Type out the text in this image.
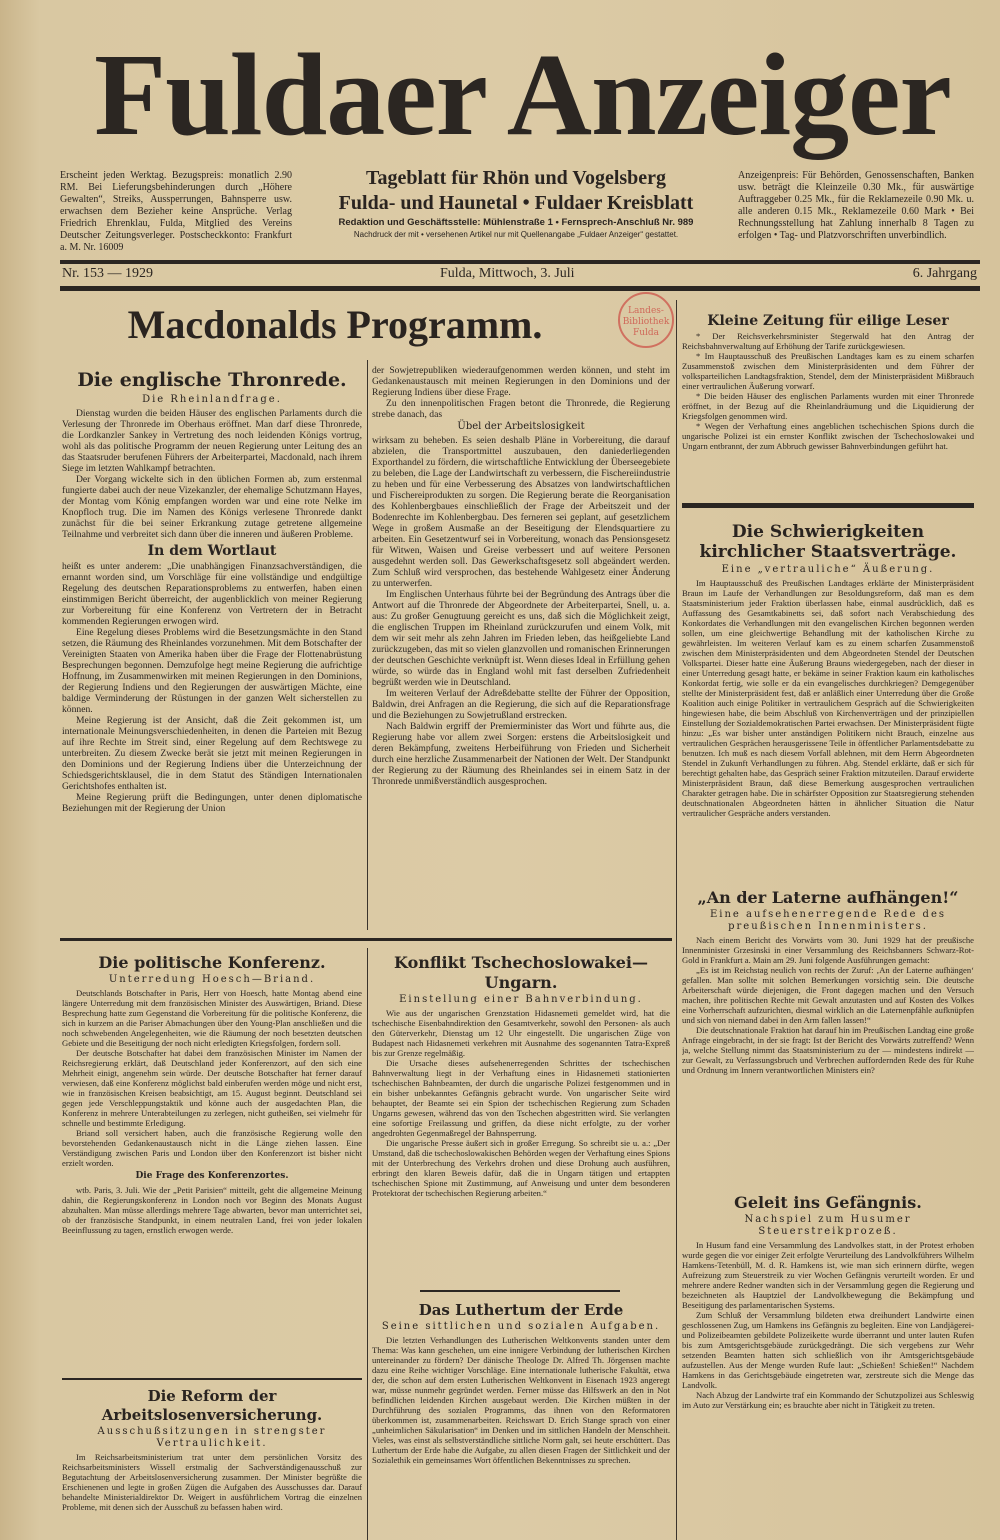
Fuldaer Anzeiger
Erscheint jeden Werktag. Bezugspreis: monatlich 2.90 RM. Bei Lieferungsbehinderungen durch „Höhere Gewalten“, Streiks, Aussperrungen, Bahnsperre usw. erwachsen dem Bezieher keine Ansprüche. Verlag Friedrich Ehrenklau, Fulda, Mitglied des Vereins Deutscher Zeitungsverleger. Postscheckkonto: Frankfurt a. M. Nr. 16009
Tageblatt für Rhön und Vogelsberg
Fulda- und Haunetal • Fuldaer Kreisblatt
Redaktion und Geschäftsstelle: Mühlenstraße 1 • Fernsprech-Anschluß Nr. 989
Nachdruck der mit • versehenen Artikel nur mit Quellenangabe „Fuldaer Anzeiger“ gestattet.
Anzeigenpreis: Für Behörden, Genossenschaften, Banken usw. beträgt die Kleinzeile 0.30 Mk., für auswärtige Auftraggeber 0.25 Mk., für die Reklamezeile 0.90 Mk. u. alle anderen 0.15 Mk., Reklamezeile 0.60 Mark • Bei Rechnungsstellung hat Zahlung innerhalb 8 Tagen zu erfolgen • Tag- und Platzvorschriften unverbindlich.
Nr. 153 — 1929	Fulda, Mittwoch, 3. Juli	6. Jahrgang
Landes-Bibliothek Fulda
Macdonalds Programm.
Die englische Thronrede.
Die Rheinlandfrage.

Dienstag wurden die beiden Häuser des englischen Parlaments durch die Verlesung der Thronrede im Oberhaus eröffnet. Man darf diese Thronrede, die Lordkanzler Sankey in Vertretung des noch leidenden Königs vortrug, wohl als das politische Programm der neuen Regierung unter Leitung des an das Staatsruder berufenen Führers der Arbeiterpartei, Macdonald, nach ihrem Siege im letzten Wahlkampf betrachten.

Der Vorgang wickelte sich in den üblichen Formen ab, zum erstenmal fungierte dabei auch der neue Vizekanzler, der ehemalige Schutzmann Hayes, der Montag vom König empfangen worden war und eine rote Nelke im Knopfloch trug. Die im Namen des Königs verlesene Thronrede dankt zunächst für die bei seiner Erkrankung zutage getretene allgemeine Teilnahme und verbreitet sich dann über die inneren und äußeren Probleme.

In dem Wortlaut

heißt es unter anderem: „Die unabhängigen Finanzsachverständigen, die ernannt worden sind, um Vorschläge für eine vollständige und endgültige Regelung des deutschen Reparationsproblems zu entwerfen, haben einen einstimmigen Bericht überreicht, der augenblicklich von meiner Regierung zur Vorbereitung für eine Konferenz von Vertretern der in Betracht kommenden Regierungen erwogen wird.

Eine Regelung dieses Problems wird die Besetzungsmächte in den Stand setzen, die Räumung des Rheinlandes vorzunehmen. Mit dem Botschafter der Vereinigten Staaten von Amerika haben über die Frage der Flottenabrüstung Besprechungen begonnen. Demzufolge hegt meine Regierung die aufrichtige Hoffnung, im Zusammenwirken mit meinen Regierungen in den Dominions, der Regierung Indiens und den Regierungen der auswärtigen Mächte, eine baldige Verminderung der Rüstungen in der ganzen Welt sicherstellen zu können.

Meine Regierung ist der Ansicht, daß die Zeit gekommen ist, um internationale Meinungsverschiedenheiten, in denen die Parteien mit Bezug auf ihre Rechte im Streit sind, einer Regelung auf dem Rechtswege zu unterbreiten. Zu diesem Zwecke berät sie jetzt mit meinen Regierungen in den Dominions und der Regierung Indiens über die Unterzeichnung der Schiedsgerichtsklausel, die in dem Statut des Ständigen Internationalen Gerichtshofes enthalten ist.

Meine Regierung prüft die Bedingungen, unter denen diplomatische Beziehungen mit der Regierung der Union

der Sowjetrepubliken wiederaufgenommen werden können, und steht im Gedankenaustausch mit meinen Regierungen in den Dominions und der Regierung Indiens über diese Frage.

Zu den innenpolitischen Fragen betont die Thronrede, die Regierung strebe danach, das

Übel der Arbeitslosigkeit

wirksam zu beheben. Es seien deshalb Pläne in Vorbereitung, die darauf abzielen, die Transportmittel auszubauen, den daniederliegenden Exporthandel zu fördern, die wirtschaftliche Entwicklung der Überseegebiete zu beleben, die Lage der Landwirtschaft zu verbessern, die Fischereiindustrie zu heben und für eine Verbesserung des Absatzes von landwirtschaftlichen und Fischereiprodukten zu sorgen. Die Regierung berate die Reorganisation des Kohlenbergbaues einschließlich der Frage der Arbeitszeit und der Bodenrechte im Kohlenbergbau. Des ferneren sei geplant, auf gesetzlichem Wege in großem Ausmaße an der Beseitigung der Elendsquartiere zu arbeiten. Ein Gesetzentwurf sei in Vorbereitung, wonach das Pensionsgesetz für Witwen, Waisen und Greise verbessert und auf weitere Personen ausgedehnt werden soll. Das Gewerkschaftsgesetz soll abgeändert werden. Zum Schluß wird versprochen, das bestehende Wahlgesetz einer Änderung zu unterwerfen.

Im Englischen Unterhaus führte bei der Begründung des Antrags über die Antwort auf die Thronrede der Abgeordnete der Arbeiterpartei, Snell, u. a. aus: Zu großer Genugtuung gereicht es uns, daß sich die Möglichkeit zeigt, die englischen Truppen im Rheinland zurückzurufen und einem Volk, mit dem wir seit mehr als zehn Jahren im Frieden leben, das heißgeliebte Land zurückzugeben, das mit so vielen glanzvollen und romanischen Erinnerungen der deutschen Geschichte verknüpft ist. Wenn dieses Ideal in Erfüllung gehen würde, so würde das in England wohl mit fast derselben Zufriedenheit begrüßt werden wie in Deutschland.

Im weiteren Verlauf der Adreßdebatte stellte der Führer der Opposition, Baldwin, drei Anfragen an die Regierung, die sich auf die Reparationsfrage und die Beziehungen zu Sowjetrußland erstrecken.

Nach Baldwin ergriff der Premierminister das Wort und führte aus, die Regierung habe vor allem zwei Sorgen: erstens die Arbeitslosigkeit und deren Bekämpfung, zweitens Herbeiführung von Frieden und Sicherheit durch eine herzliche Zusammenarbeit der Nationen der Welt. Der Standpunkt der Regierung zu der Räumung des Rheinlandes sei in einem Satz in der Thronrede unmißverständlich ausgesprochen.

Kleine Zeitung für eilige Leser

* Der Reichsverkehrsminister Stegerwald hat den Antrag der Reichsbahnverwaltung auf Erhöhung der Tarife zurückgewiesen.

* Im Hauptausschuß des Preußischen Landtages kam es zu einem scharfen Zusammenstoß zwischen dem Ministerpräsidenten und dem Führer der volksparteilichen Landtagsfraktion, Stendel, dem der Ministerpräsident Mißbrauch einer vertraulichen Äußerung vorwarf.

* Die beiden Häuser des englischen Parlaments wurden mit einer Thronrede eröffnet, in der Bezug auf die Rheinlandräumung und die Liquidierung der Kriegsfolgen genommen wird.

* Wegen der Verhaftung eines angeblichen tschechischen Spions durch die ungarische Polizei ist ein ernster Konflikt zwischen der Tschechoslowakei und Ungarn entbrannt, der zum Abbruch gewisser Bahnverbindungen geführt hat.

Die Schwierigkeiten kirchlicher Staatsverträge.
Eine „vertrauliche“ Äußerung.

Im Hauptausschuß des Preußischen Landtages erklärte der Ministerpräsident Braun im Laufe der Verhandlungen zur Besoldungsreform, daß man es dem Staatsministerium jeder Fraktion überlassen habe, einmal ausdrücklich, daß es Auffassung des Gesamtkabinetts sei, daß sofort nach Verabschiedung des Konkordates die Verhandlungen mit den evangelischen Kirchen begonnen werden sollen, um eine gleichwertige Behandlung mit der katholischen Kirche zu gewährleisten. Im weiteren Verlauf kam es zu einem scharfen Zusammenstoß zwischen dem Ministerpräsidenten und dem Abgeordneten Stendel der Deutschen Volkspartei. Dieser hatte eine Äußerung Brauns wiedergegeben, nach der dieser in einer Unterredung gesagt hatte, er bekäme in seiner Fraktion kaum ein katholisches Konkordat fertig, wie solle er da ein evangelisches durchkriegen? Demgegenüber stellte der Ministerpräsident fest, daß er anläßlich einer Unterredung über die Große Koalition auch einige Politiker in vertraulichem Gespräch auf die Schwierigkeiten hingewiesen habe, die beim Abschluß von Kirchenverträgen und der prinzipiellen Einstellung der Sozialdemokratischen Partei erwachsen. Der Ministerpräsident fügte hinzu: „Es war bisher unter anständigen Politikern nicht Brauch, einzelne aus vertraulichen Gesprächen herausgerissene Teile in öffentlicher Parlamentsdebatte zu benutzen. Ich muß es nach diesem Vorfall ablehnen, mit dem Herrn Abgeordneten Stendel in Zukunft Verhandlungen zu führen. Abg. Stendel erklärte, daß er sich für berechtigt gehalten habe, das Gespräch seiner Fraktion mitzuteilen. Darauf erwiderte Ministerpräsident Braun, daß diese Bemerkung ausgesprochen vertraulichen Charakter getragen habe. Die in schärfster Opposition zur Staatsregierung stehenden deutschnationalen Abgeordneten hätten in ähnlicher Situation die Natur vertraulicher Gespräche anders verstanden.

„An der Laterne aufhängen!“
Eine aufsehenerregende Rede des preußischen Innenministers.

Nach einem Bericht des Vorwärts vom 30. Juni 1929 hat der preußische Innenminister Grzesinski in einer Versammlung des Reichsbanners Schwarz-Rot-Gold in Frankfurt a. Main am 29. Juni folgende Ausführungen gemacht:

„Es ist im Reichstag neulich von rechts der Zuruf: ‚An der Laterne aufhängen‘ gefallen. Man sollte mit solchen Bemerkungen vorsichtig sein. Die deutsche Arbeiterschaft würde diejenigen, die Front dagegen machen und den Versuch machen, ihre politischen Rechte mit Gewalt anzutasten und auf Kosten des Volkes eine Vorherrschaft aufzurichten, diesmal wirklich an die Laternenpfähle aufknüpfen und sich von niemand dabei in den Arm fallen lassen!“

Die deutschnationale Fraktion hat darauf hin im Preußischen Landtag eine große Anfrage eingebracht, in der sie fragt: Ist der Bericht des Vorwärts zutreffend? Wenn ja, welche Stellung nimmt das Staatsministerium zu der — mindestens indirekt — zur Gewalt, zu Verfassungsbruch und Verbrechen auffordernden Rede des für Ruhe und Ordnung im Innern verantwortlichen Ministers ein?

Geleit ins Gefängnis.
Nachspiel zum Husumer Steuerstreikprozeß.

In Husum fand eine Versammlung des Landvolkes statt, in der Protest erhoben wurde gegen die vor einiger Zeit erfolgte Verurteilung des Landvolkführers Wilhelm Hamkens-Tetenbüll, M. d. R. Hamkens ist, wie man sich erinnern dürfte, wegen Aufreizung zum Steuerstreik zu vier Wochen Gefängnis verurteilt worden. Er und mehrere andere Redner wandten sich in der Versammlung gegen die Regierung und bezeichneten als Hauptziel der Landvolkbewegung die Bekämpfung und Beseitigung des parlamentarischen Systems.

Zum Schluß der Versammlung bildeten etwa dreihundert Landwirte einen geschlossenen Zug, um Hamkens ins Gefängnis zu begleiten. Eine von Landjägerei- und Polizeibeamten gebildete Polizeikette wurde überrannt und unter lauten Rufen bis zum Amtsgerichtsgebäude zurückgedrängt. Die sich vergebens zur Wehr setzenden Beamten hatten sich schließlich von ihr Amtsgerichtsgebäude aufzustellen. Aus der Menge wurden Rufe laut: „Schießen! Schießen!“ Nachdem Hamkens in das Gerichtsgebäude eingetreten war, zerstreute sich die Menge das Landvolk.

Nach Abzug der Landwirte traf ein Kommando der Schutzpolizei aus Schleswig im Auto zur Verstärkung ein; es brauchte aber nicht in Tätigkeit zu treten.

Die politische Konferenz.
Unterredung Hoesch—Briand.

Deutschlands Botschafter in Paris, Herr von Hoesch, hatte Montag abend eine längere Unterredung mit dem französischen Minister des Auswärtigen, Briand. Diese Besprechung hatte zum Gegenstand die Vorbereitung für die politische Konferenz, die sich in kurzem an die Pariser Abmachungen über den Young-Plan anschließen und die noch schwebenden Angelegenheiten, wie die Räumung der noch besetzten deutschen Gebiete und die Beseitigung der noch nicht erledigten Kriegsfolgen, fordern soll.

Der deutsche Botschafter hat dabei dem französischen Minister im Namen der Reichsregierung erklärt, daß Deutschland jeder Konferenzort, auf den sich eine Mehrheit einigt, angenehm sein würde. Der deutsche Botschafter hat ferner darauf verwiesen, daß eine Konferenz möglichst bald einberufen werden möge und nicht erst, wie in französischen Kreisen beabsichtigt, am 15. August beginnt. Deutschland sei gegen jede Verschleppungstaktik und könne auch der ausgedachten Plan, die Konferenz in mehrere Unterabteilungen zu zerlegen, nicht gutheißen, sei vielmehr für schnelle und bestimmte Erledigung.

Briand soll versichert haben, auch die französische Regierung wolle den bevorstehenden Gedankenaustausch nicht in die Länge ziehen lassen. Eine Verständigung zwischen Paris und London über den Konferenzort ist bisher nicht erzielt worden.

Die Frage des Konferenzortes.

wtb. Paris, 3. Juli. Wie der „Petit Parisien“ mitteilt, geht die allgemeine Meinung dahin, die Regierungskonferenz in London noch vor Beginn des Monats August abzuhalten. Man müsse allerdings mehrere Tage abwarten, bevor man unterrichtet sei, ob der französische Standpunkt, in einem neutralen Land, frei von jeder lokalen Beeinflussung zu tagen, ernstlich erwogen werde.

Die Reform der Arbeitslosenversicherung.
Ausschußsitzungen in strengster Vertraulichkeit.

Im Reichsarbeitsministerium trat unter dem persönlichen Vorsitz des Reichsarbeitsministers Wissell erstmalig der Sachverständigenausschuß zur Begutachtung der Arbeitslosenversicherung zusammen. Der Minister begrüßte die Erschienenen und legte in großen Zügen die Aufgaben des Ausschusses dar. Darauf behandelte Ministerialdirektor Dr. Weigert in ausführlichem Vortrag die einzelnen Probleme, mit denen sich der Ausschuß zu befassen haben wird.

Konflikt Tschechoslowakei—Ungarn.
Einstellung einer Bahnverbindung.

Wie aus der ungarischen Grenzstation Hidasnemeti gemeldet wird, hat die tschechische Eisenbahndirektion den Gesamtverkehr, sowohl den Personen- als auch den Güterverkehr, Dienstag um 12 Uhr eingestellt. Die ungarischen Züge von Budapest nach Hidasnemeti verkehren mit Ausnahme des sogenannten Tatra-Expreß bis zur Grenze regelmäßig.

Die Ursache dieses aufsehenerregenden Schrittes der tschechischen Bahnverwaltung liegt in der Verhaftung eines in Hidasnemeti stationierten tschechischen Bahnbeamten, der durch die ungarische Polizei festgenommen und in ein bisher unbekanntes Gefängnis gebracht wurde. Von ungarischer Seite wird behauptet, der Beamte sei ein Spion der tschechischen Regierung zum Schaden Ungarns gewesen, während das von den Tschechen abgestritten wird. Sie verlangten eine sofortige Freilassung und griffen, da diese nicht erfolgte, zu der vorher angedrohten Gegenmaßregel der Bahnsperrung.

Die ungarische Presse äußert sich in großer Erregung. So schreibt sie u. a.: „Der Umstand, daß die tschechoslowakischen Behörden wegen der Verhaftung eines Spions mit der Unterbrechung des Verkehrs drohen und diese Drohung auch ausführen, erbringt den klaren Beweis dafür, daß die in Ungarn tätigen und ertappten tschechischen Spione mit Zustimmung, auf Anweisung und unter dem besonderen Protektorat der tschechischen Regierung arbeiten.“

Das Luthertum der Erde
Seine sittlichen und sozialen Aufgaben.

Die letzten Verhandlungen des Lutherischen Weltkonvents standen unter dem Thema: Was kann geschehen, um eine innigere Verbindung der lutherischen Kirchen untereinander zu fördern? Der dänische Theologe Dr. Alfred Th. Jörgensen machte dazu eine Reihe wichtiger Vorschläge. Eine internationale lutherische Fakultät, etwa der, die schon auf dem ersten Lutherischen Weltkonvent in Eisenach 1923 angeregt war, müsse nunmehr gegründet werden. Ferner müsse das Hilfswerk an den in Not befindlichen leidenden Kirchen ausgebaut werden. Die Kirchen müßten in der Durchführung des sozialen Programms, das ihnen von den Reformatoren überkommen ist, zusammenarbeiten. Reichswart D. Erich Stange sprach von einer „unheimlichen Säkularisation“ im Denken und im sittlichen Handeln der Menschheit. Vieles, was einst als selbstverständliche sittliche Norm galt, sei heute erschüttert. Das Luthertum der Erde habe die Aufgabe, zu allen diesen Fragen der Sittlichkeit und der Sozialethik ein gemeinsames Wort öffentlichen Bekenntnisses zu sprechen.
